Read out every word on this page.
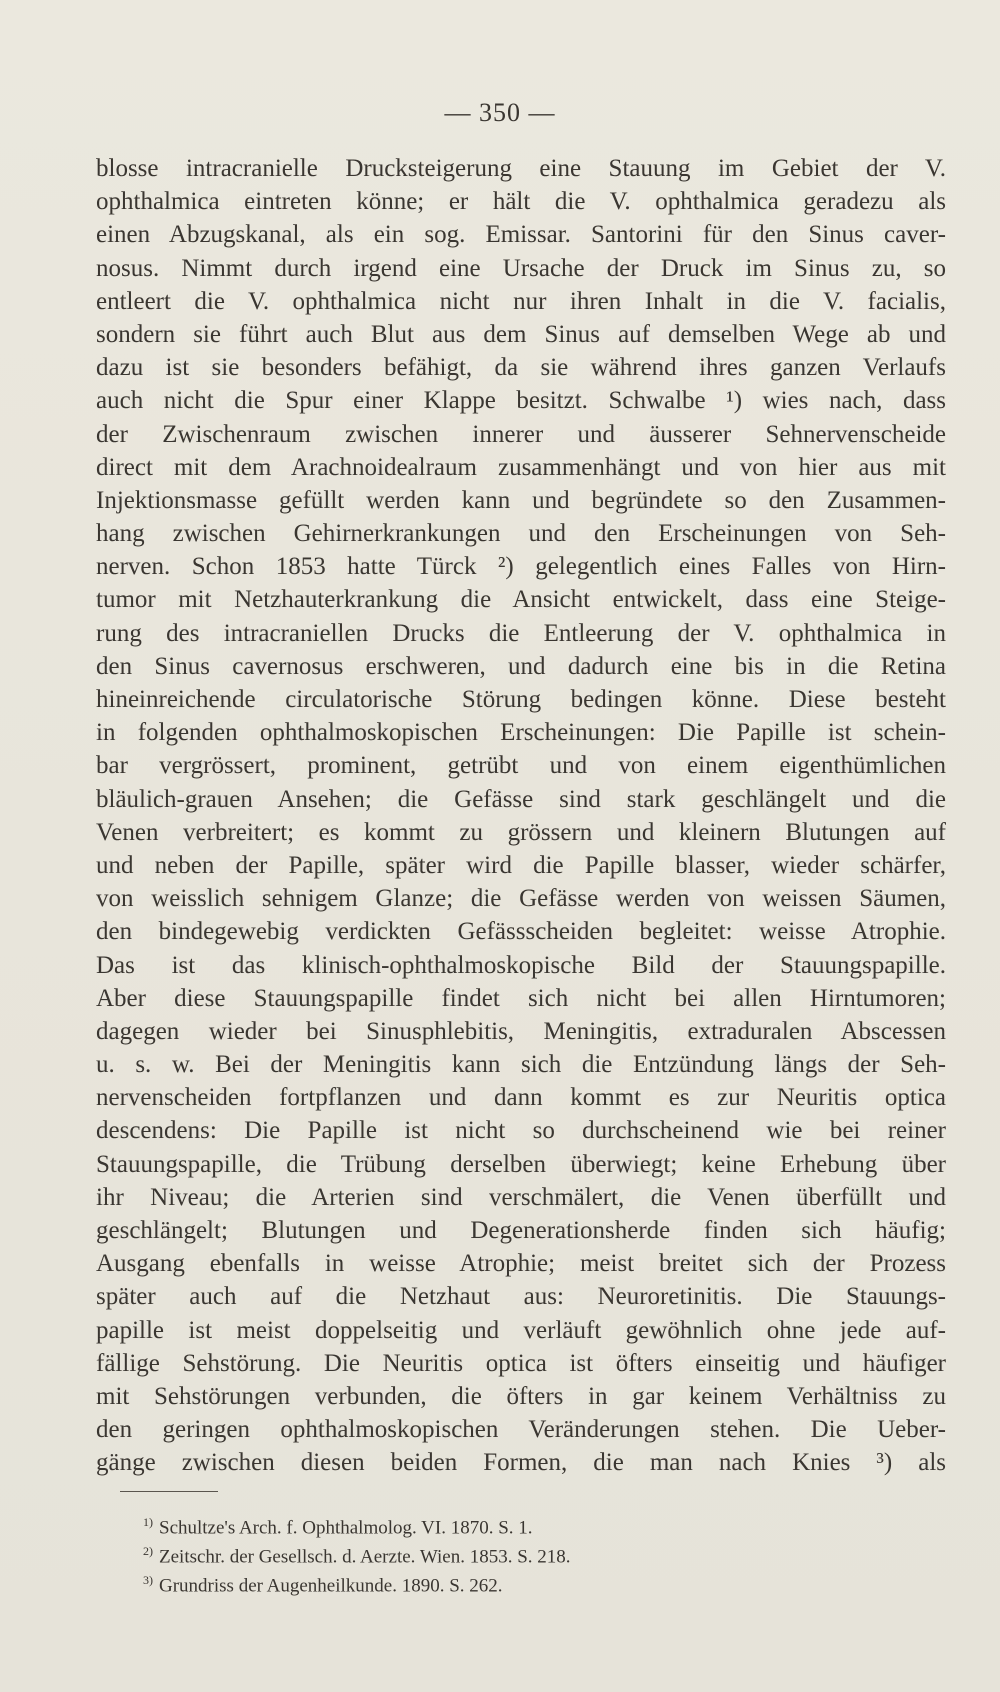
— 350 —
blosse intracranielle Drucksteigerung eine Stauung im Gebiet der V.
ophthalmica eintreten könne; er hält die V. ophthalmica geradezu als
einen Abzugskanal, als ein sog. Emissar. Santorini für den Sinus caver-
nosus. Nimmt durch irgend eine Ursache der Druck im Sinus zu, so
entleert die V. ophthalmica nicht nur ihren Inhalt in die V. facialis,
sondern sie führt auch Blut aus dem Sinus auf demselben Wege ab und
dazu ist sie besonders befähigt, da sie während ihres ganzen Verlaufs
auch nicht die Spur einer Klappe besitzt. Schwalbe ¹) wies nach, dass
der Zwischenraum zwischen innerer und äusserer Sehnervenscheide
direct mit dem Arachnoidealraum zusammenhängt und von hier aus mit
Injektionsmasse gefüllt werden kann und begründete so den Zusammen-
hang zwischen Gehirnerkrankungen und den Erscheinungen von Seh-
nerven. Schon 1853 hatte Türck ²) gelegentlich eines Falles von Hirn-
tumor mit Netzhauterkrankung die Ansicht entwickelt, dass eine Steige-
rung des intracraniellen Drucks die Entleerung der V. ophthalmica in
den Sinus cavernosus erschweren, und dadurch eine bis in die Retina
hineinreichende circulatorische Störung bedingen könne. Diese besteht
in folgenden ophthalmoskopischen Erscheinungen: Die Papille ist schein-
bar vergrössert, prominent, getrübt und von einem eigenthümlichen
bläulich-grauen Ansehen; die Gefässe sind stark geschlängelt und die
Venen verbreitert; es kommt zu grössern und kleinern Blutungen auf
und neben der Papille, später wird die Papille blasser, wieder schärfer,
von weisslich sehnigem Glanze; die Gefässe werden von weissen Säumen,
den bindegewebig verdickten Gefässscheiden begleitet: weisse Atrophie.
Das ist das klinisch-ophthalmoskopische Bild der Stauungspapille.
Aber diese Stauungspapille findet sich nicht bei allen Hirntumoren;
dagegen wieder bei Sinusphlebitis, Meningitis, extraduralen Abscessen
u. s. w. Bei der Meningitis kann sich die Entzündung längs der Seh-
nervenscheiden fortpflanzen und dann kommt es zur Neuritis optica
descendens: Die Papille ist nicht so durchscheinend wie bei reiner
Stauungspapille, die Trübung derselben überwiegt; keine Erhebung über
ihr Niveau; die Arterien sind verschmälert, die Venen überfüllt und
geschlängelt; Blutungen und Degenerationsherde finden sich häufig;
Ausgang ebenfalls in weisse Atrophie; meist breitet sich der Prozess
später auch auf die Netzhaut aus: Neuroretinitis. Die Stauungs-
papille ist meist doppelseitig und verläuft gewöhnlich ohne jede auf-
fällige Sehstörung. Die Neuritis optica ist öfters einseitig und häufiger
mit Sehstörungen verbunden, die öfters in gar keinem Verhältniss zu
den geringen ophthalmoskopischen Veränderungen stehen. Die Ueber-
gänge zwischen diesen beiden Formen, die man nach Knies ³) als
$^{1)}$ Schultze's Arch. f. Ophthalmolog. VI. 1870. S. 1.
$^{2)}$ Zeitschr. der Gesellsch. d. Aerzte. Wien. 1853. S. 218.
$^{3)}$ Grundriss der Augenheilkunde. 1890. S. 262.
